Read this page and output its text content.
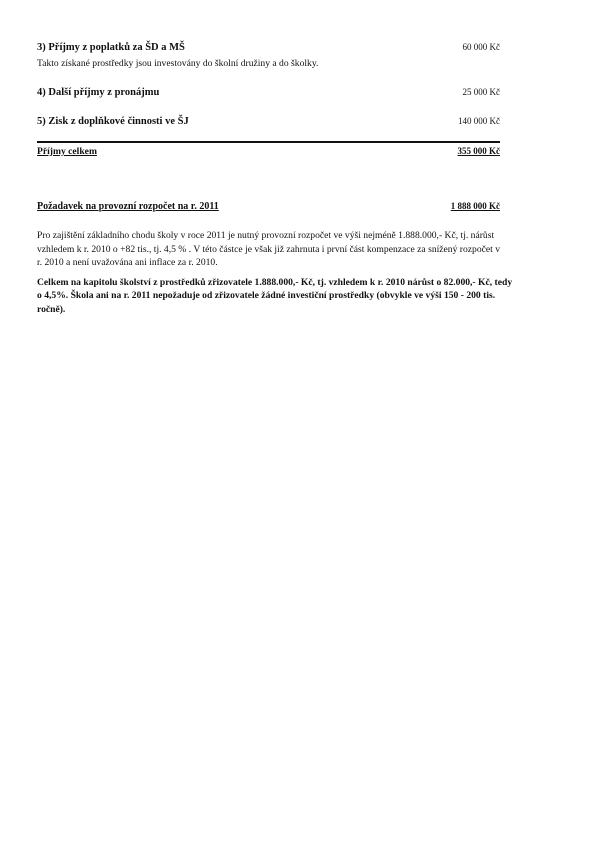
3) Příjmy z poplatků za ŠD a MŠ	60 000 Kč
Takto získané prostředky jsou investovány do školní družiny a do školky.
4) Další příjmy z pronájmu	25 000 Kč
5) Zisk z doplňkové činnosti ve ŠJ	140 000 Kč
Příjmy celkem	355 000 Kč
Požadavek na provozní rozpočet na r. 2011	1 888 000 Kč

Pro zajištění základního chodu školy v roce 2011 je nutný provozní rozpočet ve výši nejméně 1.888.000,- Kč, tj. nárůst vzhledem k r. 2010 o +82 tis., tj. 4,5 % . V této částce je však již zahrnuta i první část kompenzace za snížený rozpočet v r. 2010 a není uvažována ani inflace za r. 2010.

Celkem na kapitolu školství z prostředků zřizovatele 1.888.000,- Kč, tj. vzhledem k r. 2010 nárůst o 82.000,- Kč, tedy o 4,5%. Škola ani na r. 2011 nepožaduje od zřizovatele žádné investiční prostředky (obvykle ve výši 150 - 200 tis. ročně).
